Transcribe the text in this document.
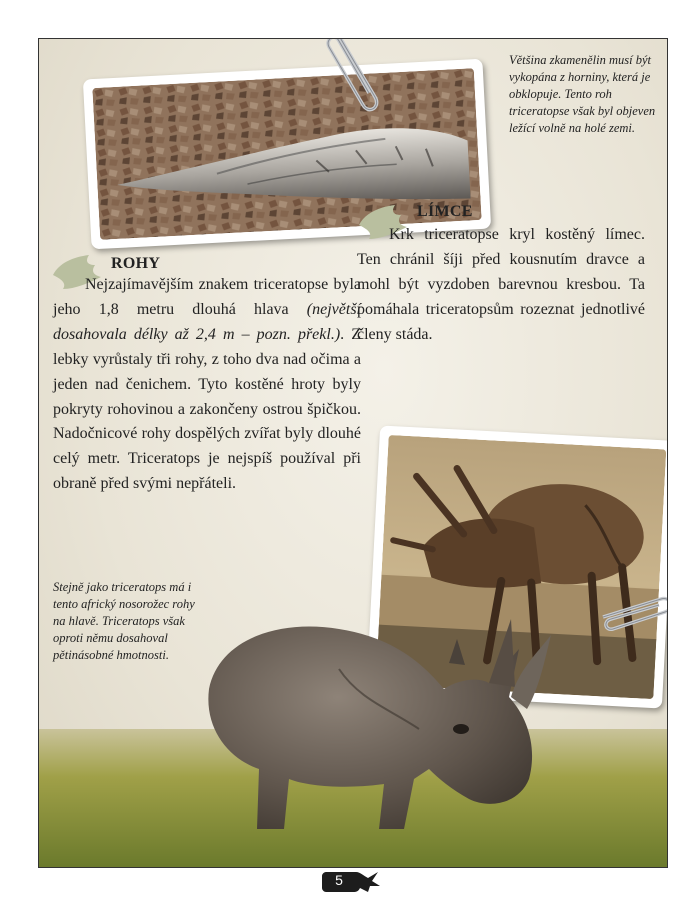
Většina zkamenělin musí být vykopána z horniny, která je obklopuje. Tento roh triceratopse však byl objeven ležící volně na holé zemi.
LÍMCE

Krk triceratopse kryl kostěný límec. Ten chránil šíji před kousnutím dravce a mohl být vyzdoben barevnou kresbou. Ta pomáhala triceratopsům rozeznat jednotlivé členy stáda.

ROHY

Nejzajímavějším znakem triceratopse byla jeho 1,8 metru dlouhá hlava (největší dosahovala délky až 2,4 m – pozn. překl.). Z lebky vyrůstaly tři rohy, z toho dva nad očima a jeden nad čenichem. Tyto kostěné hroty byly pokryty rohovinou a zakončeny ostrou špičkou. Nadočnicové rohy dospělých zvířat byly dlouhé celý metr. Triceratops je nejspíš používal při obraně před svými nepřáteli.

Stejně jako triceratops má i tento africký nosorožec rohy na hlavě. Triceratops však oproti němu dosahoval pětinásobné hmotnosti.
5
